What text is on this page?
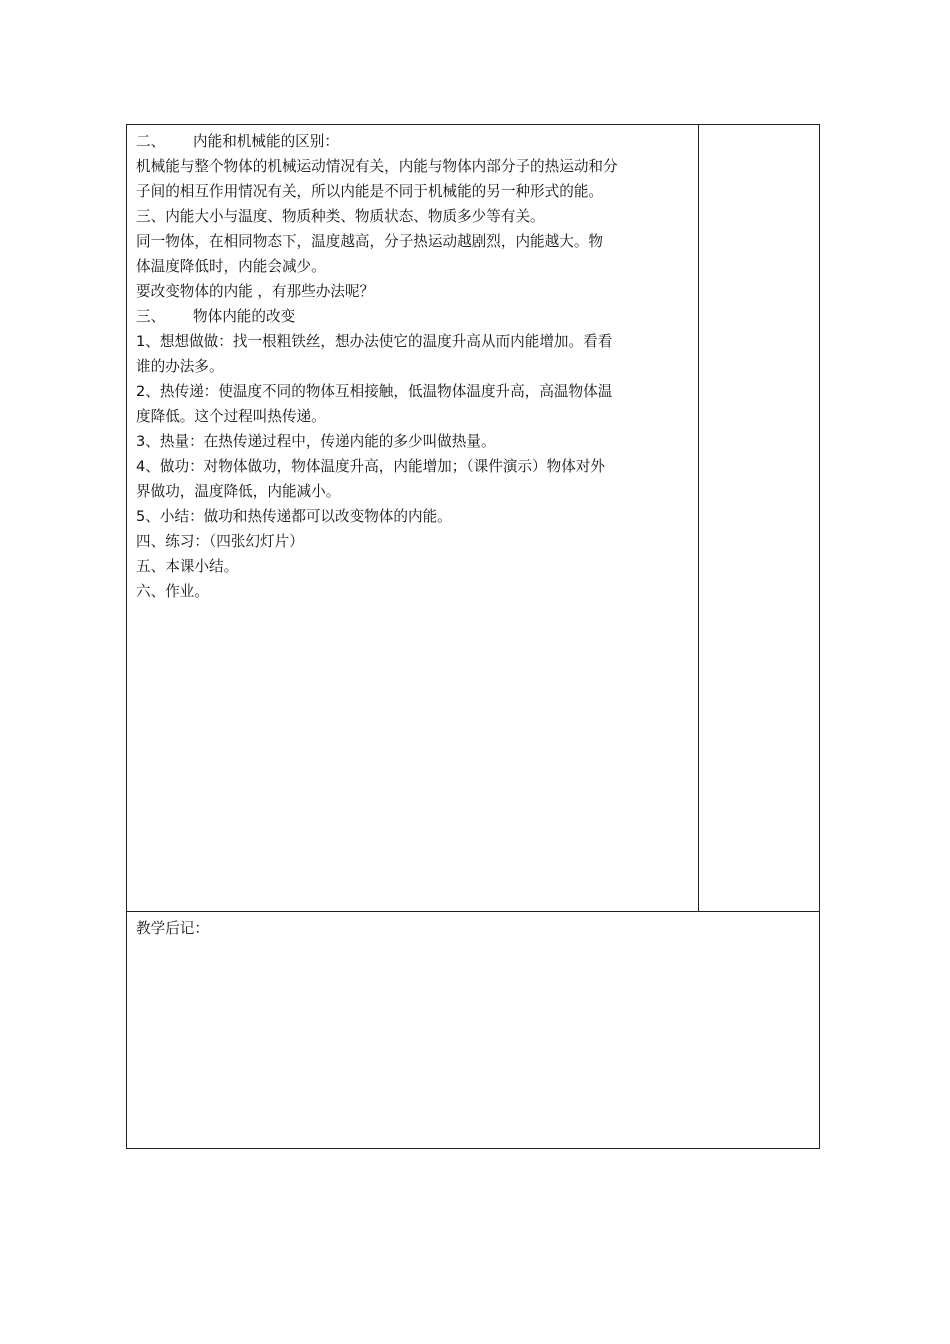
二、 内能和机械能的区别：
机械能与整个物体的机械运动情况有关，内能与物体内部分子的热运动和分
子间的相互作用情况有关，所以内能是不同于机械能的另一种形式的能。
三、内能大小与温度、物质种类、物质状态、物质多少等有关。
同一物体，在相同物态下，温度越高，分子热运动越剧烈，内能越大。物
体温度降低时，内能会减少。
要改变物体的内能 ，有那些办法呢？
三、 物体内能的改变
1、想想做做：找一根粗铁丝，想办法使它的温度升高从而内能增加。看看
谁的办法多。
2、热传递：使温度不同的物体互相接触，低温物体温度升高，高温物体温
度降低。这个过程叫热传递。
3、热量：在热传递过程中，传递内能的多少叫做热量。
4、做功：对物体做功，物体温度升高，内能增加；（课件演示）物体对外
界做功，温度降低，内能减小。
5、小结：做功和热传递都可以改变物体的内能。
四、练习：（四张幻灯片）
五、本课小结。
六、作业。
教学后记：
